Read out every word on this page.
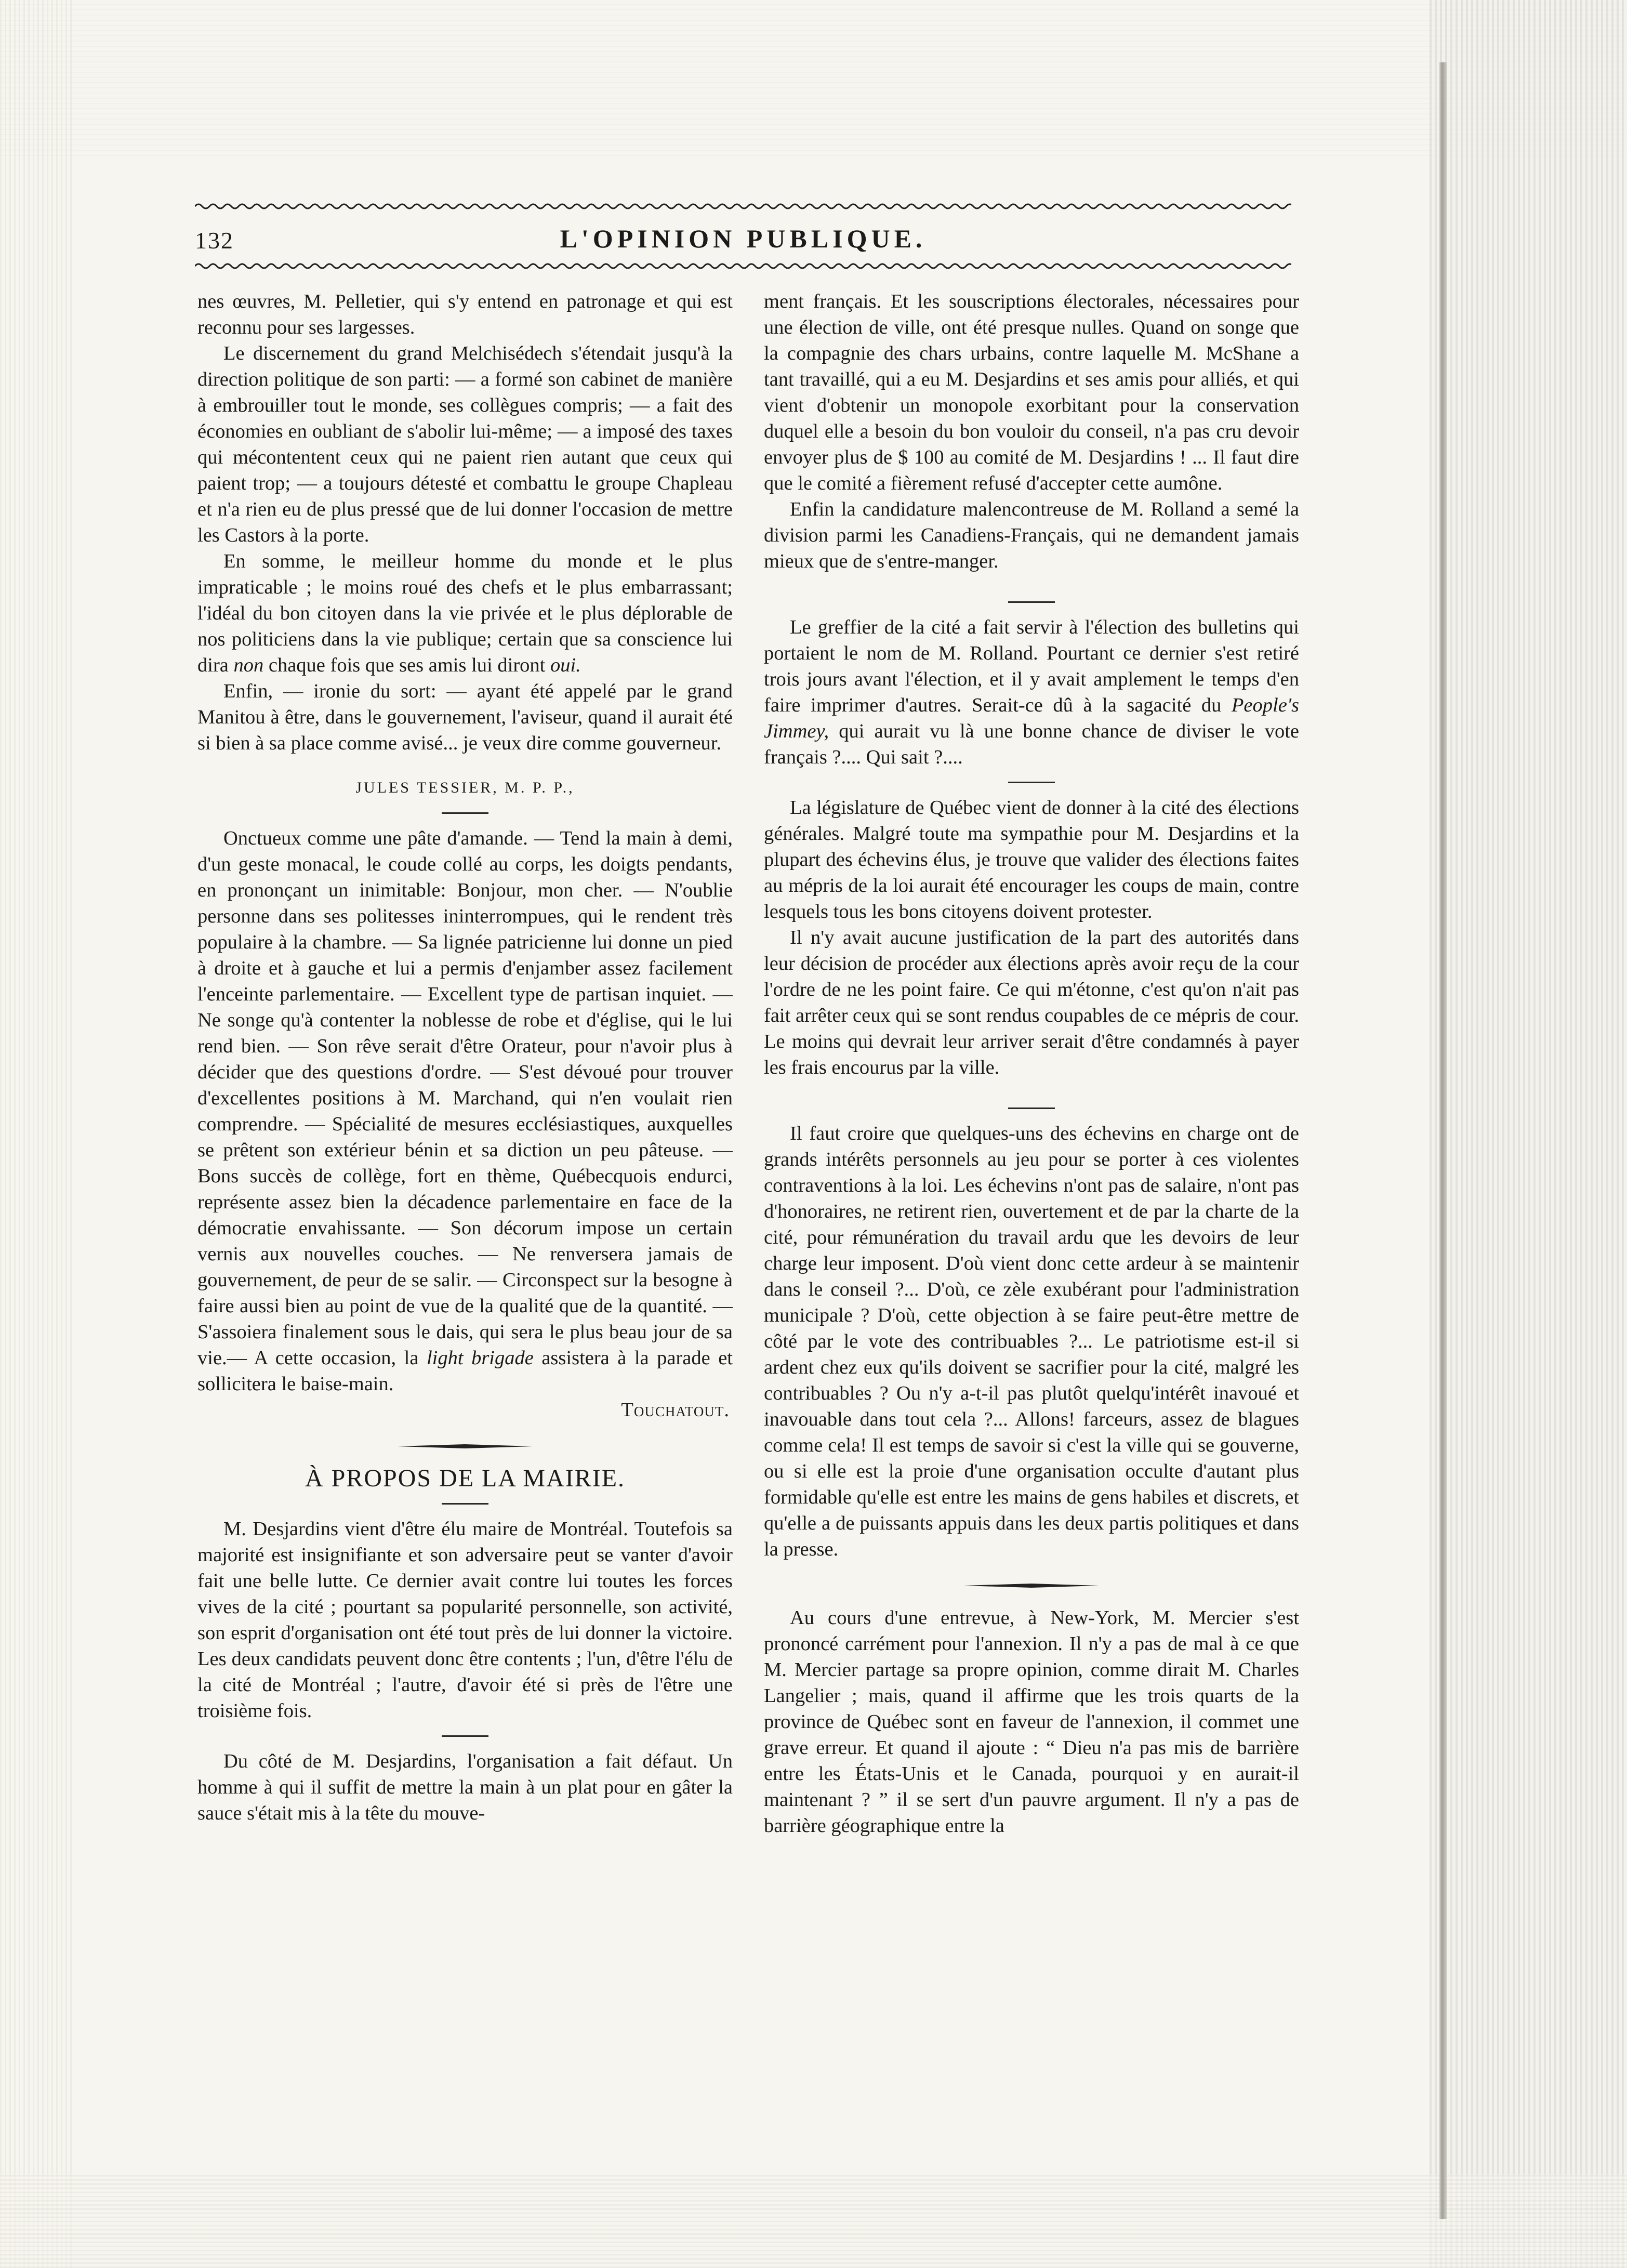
132	L'OPINION PUBLIQUE.

nes œuvres, M. Pelletier, qui s'y entend en patronage et qui est reconnu pour ses largesses.

Le discernement du grand Melchisédech s'étendait jusqu'à la direction politique de son parti: — a formé son cabinet de manière à embrouiller tout le monde, ses collègues compris; — a fait des économies en oubliant de s'abolir lui-même; — a imposé des taxes qui mécontentent ceux qui ne paient rien autant que ceux qui paient trop; — a toujours détesté et combattu le groupe Chapleau et n'a rien eu de plus pressé que de lui donner l'occasion de mettre les Castors à la porte.

En somme, le meilleur homme du monde et le plus impraticable ; le moins roué des chefs et le plus embarrassant; l'idéal du bon citoyen dans la vie privée et le plus déplorable de nos politiciens dans la vie publique; certain que sa conscience lui dira non chaque fois que ses amis lui diront oui.

Enfin, — ironie du sort: — ayant été appelé par le grand Manitou à être, dans le gouvernement, l'aviseur, quand il aurait été si bien à sa place comme avisé... je veux dire comme gouverneur.

JULES TESSIER, M. P. P.,

Onctueux comme une pâte d'amande. — Tend la main à demi, d'un geste monacal, le coude collé au corps, les doigts pendants, en prononçant un inimitable: Bonjour, mon cher. — N'oublie personne dans ses politesses ininterrompues, qui le rendent très populaire à la chambre. — Sa lignée patricienne lui donne un pied à droite et à gauche et lui a permis d'enjamber assez facilement l'enceinte parlementaire. — Excellent type de partisan inquiet. — Ne songe qu'à contenter la noblesse de robe et d'église, qui le lui rend bien. — Son rêve serait d'être Orateur, pour n'avoir plus à décider que des questions d'ordre. — S'est dévoué pour trouver d'excellentes positions à M. Marchand, qui n'en voulait rien comprendre. — Spécialité de mesures ecclésiastiques, auxquelles se prêtent son extérieur bénin et sa diction un peu pâteuse. — Bons succès de collège, fort en thème, Québecquois endurci, représente assez bien la décadence parlementaire en face de la démocratie envahissante. — Son décorum impose un certain vernis aux nouvelles couches. — Ne renversera jamais de gouvernement, de peur de se salir. — Circonspect sur la besogne à faire aussi bien au point de vue de la qualité que de la quantité. — S'assoiera finalement sous le dais, qui sera le plus beau jour de sa vie.— A cette occasion, la light brigade assistera à la parade et sollicitera le baise-main.

Touchatout.

À PROPOS DE LA MAIRIE.

M. Desjardins vient d'être élu maire de Montréal. Toutefois sa majorité est insignifiante et son adversaire peut se vanter d'avoir fait une belle lutte. Ce dernier avait contre lui toutes les forces vives de la cité ; pourtant sa popularité personnelle, son activité, son esprit d'organisation ont été tout près de lui donner la victoire. Les deux candidats peuvent donc être contents ; l'un, d'être l'élu de la cité de Montréal ; l'autre, d'avoir été si près de l'être une troisième fois.

Du côté de M. Desjardins, l'organisation a fait défaut. Un homme à qui il suffit de mettre la main à un plat pour en gâter la sauce s'était mis à la tête du mouve-

ment français. Et les souscriptions électorales, nécessaires pour une élection de ville, ont été presque nulles. Quand on songe que la compagnie des chars urbains, contre laquelle M. McShane a tant travaillé, qui a eu M. Desjardins et ses amis pour alliés, et qui vient d'obtenir un monopole exorbitant pour la conservation duquel elle a besoin du bon vouloir du conseil, n'a pas cru devoir envoyer plus de $ 100 au comité de M. Desjardins ! ... Il faut dire que le comité a fièrement refusé d'accepter cette aumône.

Enfin la candidature malencontreuse de M. Rolland a semé la division parmi les Canadiens-Français, qui ne demandent jamais mieux que de s'entre-manger.

Le greffier de la cité a fait servir à l'élection des bulletins qui portaient le nom de M. Rolland. Pourtant ce dernier s'est retiré trois jours avant l'élection, et il y avait amplement le temps d'en faire imprimer d'autres. Serait-ce dû à la sagacité du People's Jimmey, qui aurait vu là une bonne chance de diviser le vote français ?.... Qui sait ?....

La législature de Québec vient de donner à la cité des élections générales. Malgré toute ma sympathie pour M. Desjardins et la plupart des échevins élus, je trouve que valider des élections faites au mépris de la loi aurait été encourager les coups de main, contre lesquels tous les bons citoyens doivent protester.

Il n'y avait aucune justification de la part des autorités dans leur décision de procéder aux élections après avoir reçu de la cour l'ordre de ne les point faire. Ce qui m'étonne, c'est qu'on n'ait pas fait arrêter ceux qui se sont rendus coupables de ce mépris de cour. Le moins qui devrait leur arriver serait d'être condamnés à payer les frais encourus par la ville.

Il faut croire que quelques-uns des échevins en charge ont de grands intérêts personnels au jeu pour se porter à ces violentes contraventions à la loi. Les échevins n'ont pas de salaire, n'ont pas d'honoraires, ne retirent rien, ouvertement et de par la charte de la cité, pour rémunération du travail ardu que les devoirs de leur charge leur imposent. D'où vient donc cette ardeur à se maintenir dans le conseil ?... D'où, ce zèle exubérant pour l'administration municipale ? D'où, cette objection à se faire peut-être mettre de côté par le vote des contribuables ?... Le patriotisme est-il si ardent chez eux qu'ils doivent se sacrifier pour la cité, malgré les contribuables ? Ou n'y a-t-il pas plutôt quelqu'intérêt inavoué et inavouable dans tout cela ?... Allons! farceurs, assez de blagues comme cela! Il est temps de savoir si c'est la ville qui se gouverne, ou si elle est la proie d'une organisation occulte d'autant plus formidable qu'elle est entre les mains de gens habiles et discrets, et qu'elle a de puissants appuis dans les deux partis politiques et dans la presse.

Au cours d'une entrevue, à New-York, M. Mercier s'est prononcé carrément pour l'annexion. Il n'y a pas de mal à ce que M. Mercier partage sa propre opinion, comme dirait M. Charles Langelier ; mais, quand il affirme que les trois quarts de la province de Québec sont en faveur de l'annexion, il commet une grave erreur. Et quand il ajoute : “ Dieu n'a pas mis de barrière entre les États-Unis et le Canada, pourquoi y en aurait-il maintenant ? ” il se sert d'un pauvre argument. Il n'y a pas de barrière géographique entre la
